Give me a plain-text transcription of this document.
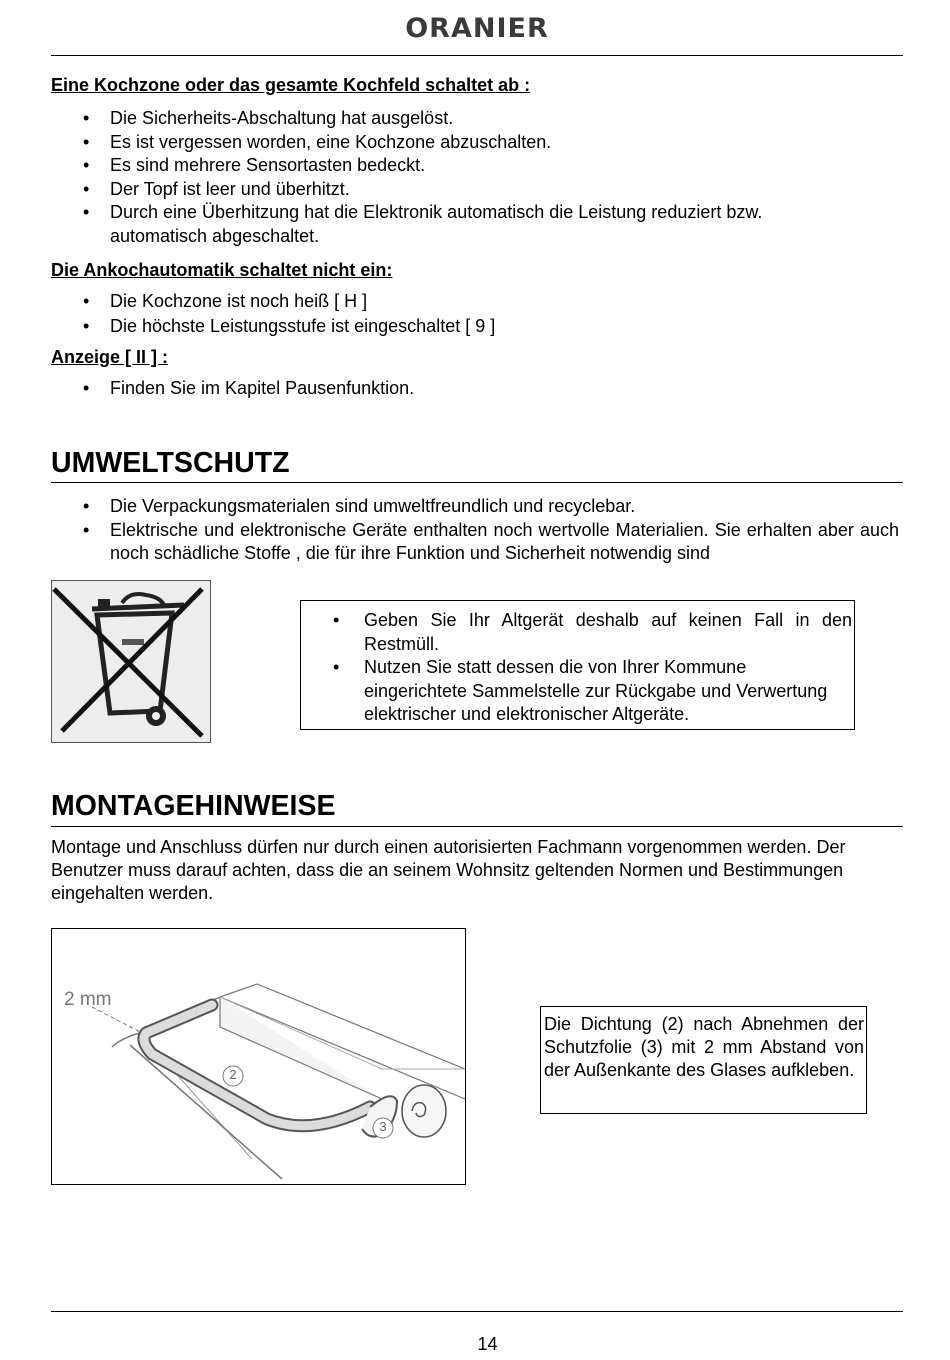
ORANIER
Eine Kochzone oder das gesamte Kochfeld schaltet ab :
• Die Sicherheits-Abschaltung hat ausgelöst.
• Es ist vergessen worden, eine Kochzone abzuschalten.
• Es sind mehrere Sensortasten bedeckt.
• Der Topf ist leer und überhitzt.
• Durch eine Überhitzung hat die Elektronik automatisch die Leistung reduziert bzw. automatisch abgeschaltet.
Die Ankochautomatik schaltet nicht ein:
• Die Kochzone ist noch heiß [ H ]
• Die höchste Leistungsstufe ist eingeschaltet [ 9 ]
Anzeige [ II ] :
• Finden Sie im Kapitel Pausenfunktion.
UMWELTSCHUTZ
• Die Verpackungsmaterialen sind umweltfreundlich und recyclebar.
• Elektrische und elektronische Geräte enthalten noch wertvolle Materialien. Sie erhalten aber auch noch schädliche Stoffe , die für ihre Funktion und Sicherheit notwendig sind
• Geben Sie Ihr Altgerät deshalb auf keinen Fall in den Restmüll.
• Nutzen Sie statt dessen die von Ihrer Kommune eingerichtete Sammelstelle zur Rückgabe und Verwertung elektrischer und elektronischer Altgeräte.
MONTAGEHINWEISE
Montage und Anschluss dürfen nur durch einen autorisierten Fachmann vorgenommen werden. Der Benutzer muss darauf achten, dass die an seinem Wohnsitz geltenden Normen und Bestimmungen eingehalten werden.
2 mm
2
3
Die Dichtung (2) nach Abnehmen der Schutzfolie (3) mit 2 mm Abstand von der Außenkante des Glases aufkleben.
14
